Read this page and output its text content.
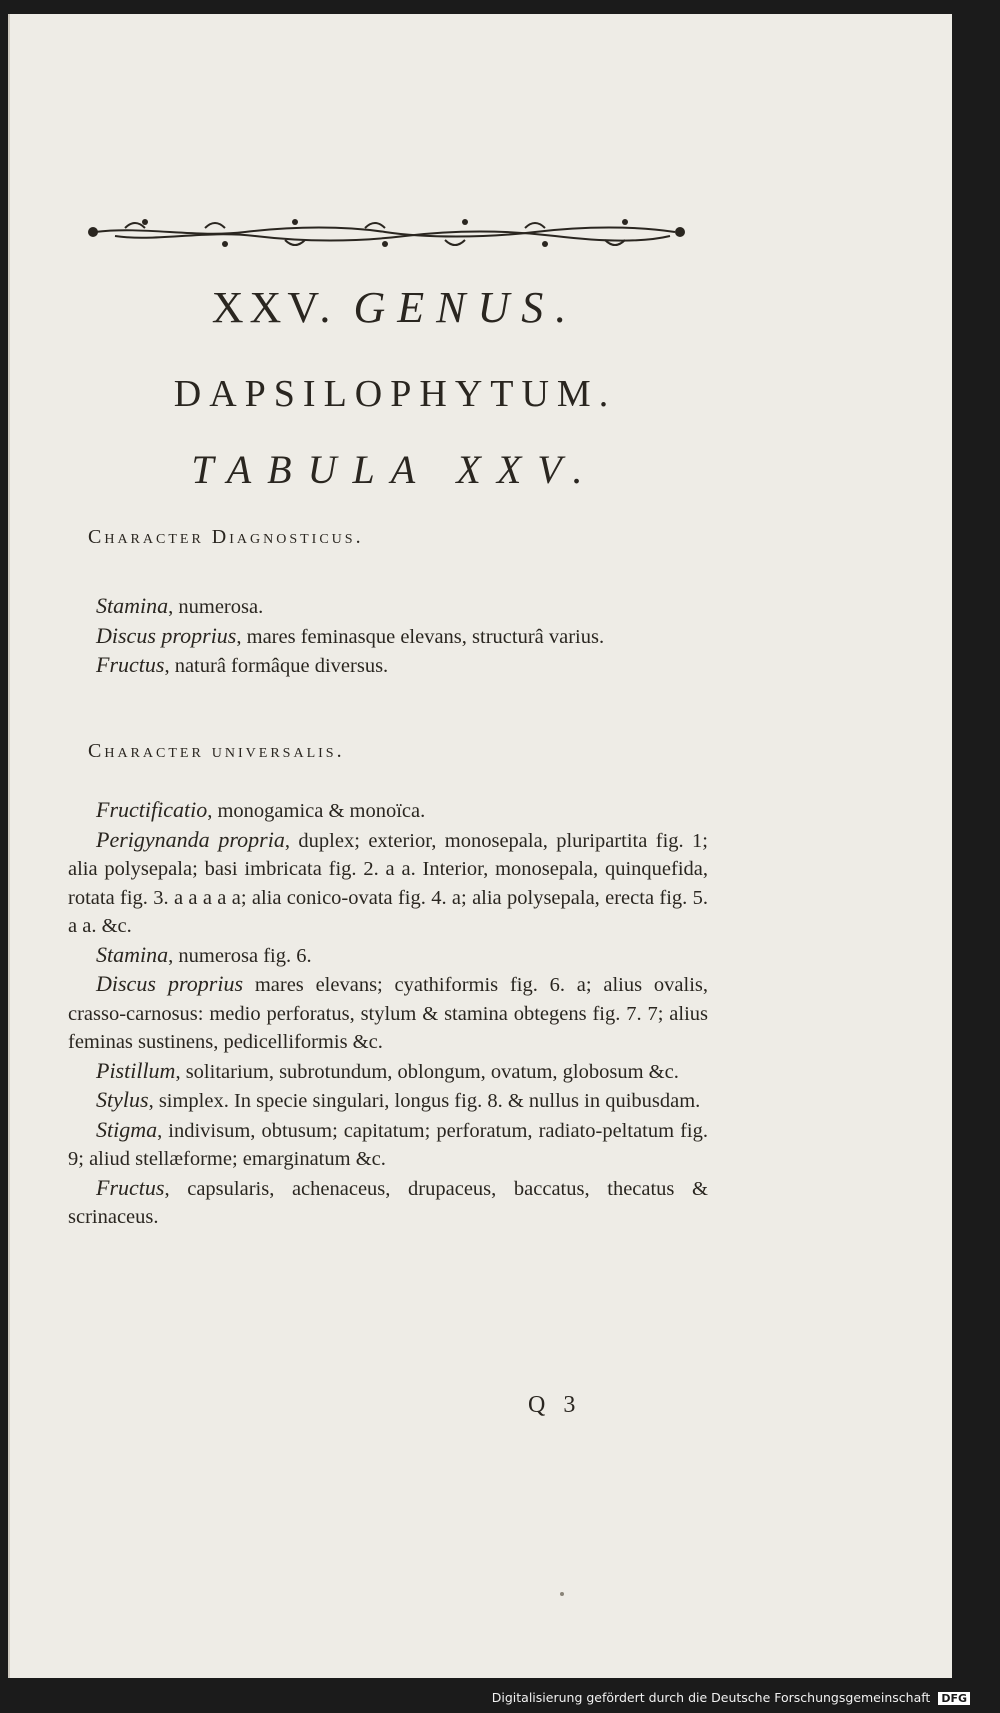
XXV. GENUS.
DAPSILOPHYTUM.
TABULA XXV.
Character Diagnosticus.

Stamina, numerosa.

Discus proprius, mares feminasque elevans, structurâ varius.

Fructus, naturâ formâque diversus.

Character universalis.

Fructificatio, monogamica & monoïca.

Perigynanda propria, duplex; exterior, monosepala, pluripartita fig. 1; alia polysepala; basi imbricata fig. 2. a a. Interior, monosepala, quinquefida, rotata fig. 3. a a a a a; alia conico-ovata fig. 4. a; alia polysepala, erecta fig. 5. a a. &c.

Stamina, numerosa fig. 6.

Discus proprius mares elevans; cyathiformis fig. 6. a; alius ovalis, crasso-carnosus: medio perforatus, stylum & stamina obtegens fig. 7. 7; alius feminas sustinens, pedicelliformis &c.

Pistillum, solitarium, subrotundum, oblongum, ovatum, globosum &c.

Stylus, simplex. In specie singulari, longus fig. 8. & nullus in quibusdam.

Stigma, indivisum, obtusum; capitatum; perforatum, radiato-peltatum fig. 9; aliud stellæforme; emarginatum &c.

Fructus, capsularis, achenaceus, drupaceus, baccatus, thecatus & scrinaceus.

Q 3
Digitalisierung gefördert durch die Deutsche Forschungsgemeinschaft DFG
